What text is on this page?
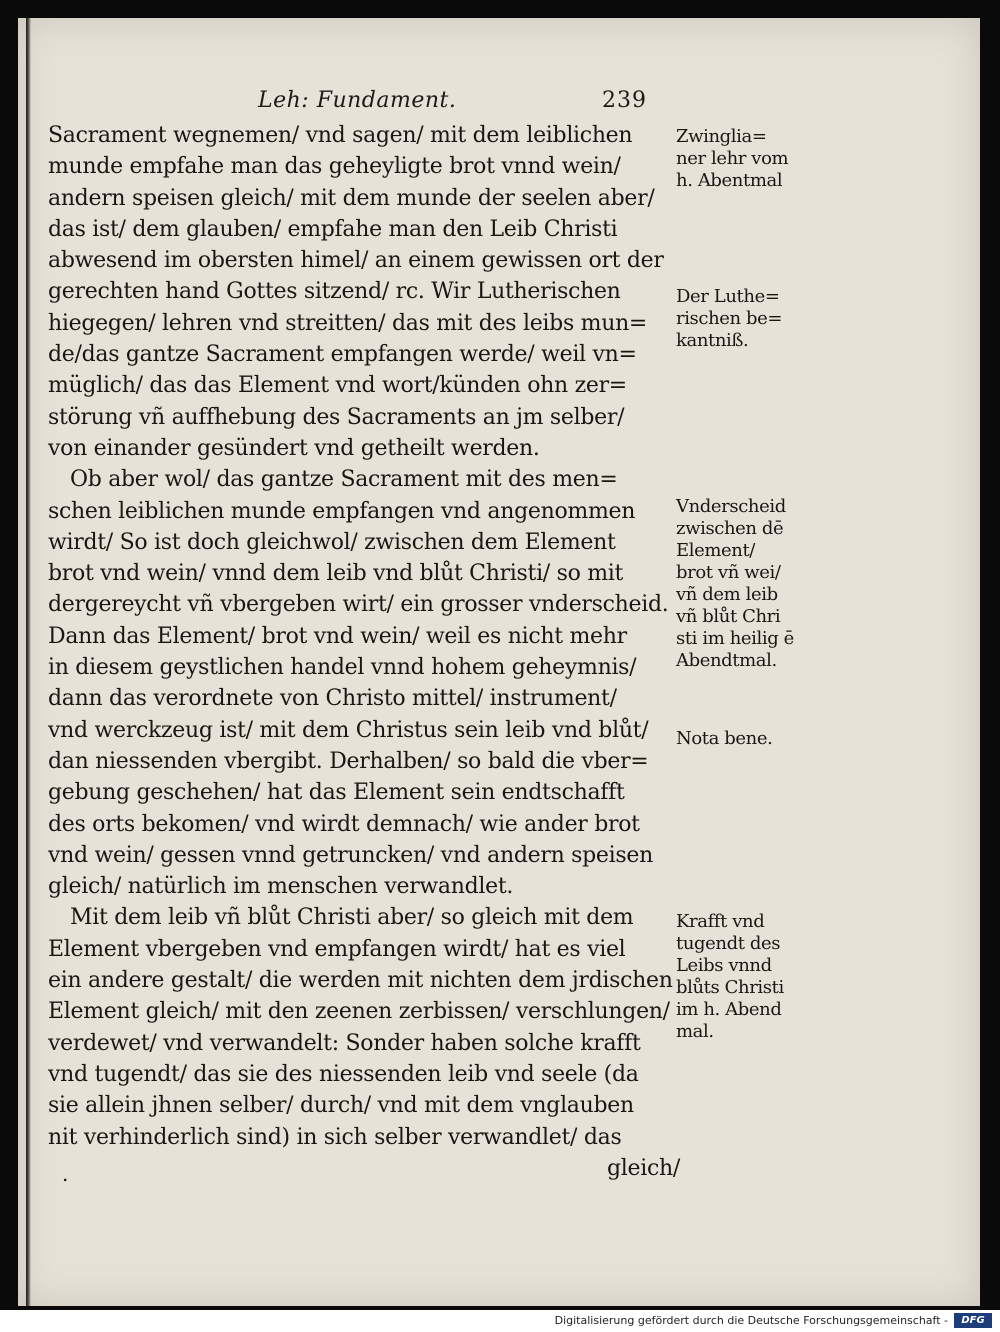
Leh: Fundament.	239
Sacrament wegnemen/ vnd sagen/ mit dem leiblichen
munde empfahe man das geheyligte brot vnnd wein/
andern speisen gleich/ mit dem munde der seelen aber/
das ist/ dem glauben/ empfahe man den Leib Christi
abwesend im obersten himel/ an einem gewissen ort der
gerechten hand Gottes sitzend/ rc. Wir Lutherischen
hiegegen/ lehren vnd streitten/ das mit des leibs mun=
de/das gantze Sacrament empfangen werde/ weil vn=
müglich/ das das Element vnd wort/künden ohn zer=
störung vñ auffhebung des Sacraments an jm selber/
von einander gesündert vnd getheilt werden.
Ob aber wol/ das gantze Sacrament mit des men=
schen leiblichen munde empfangen vnd angenommen
wirdt/ So ist doch gleichwol/ zwischen dem Element
brot vnd wein/ vnnd dem leib vnd blůt Christi/ so mit
dergereycht vñ vbergeben wirt/ ein grosser vnderscheid.
Dann das Element/ brot vnd wein/ weil es nicht mehr
in diesem geystlichen handel vnnd hohem geheymnis/
dann das verordnete von Christo mittel/ instrument/
vnd werckzeug ist/ mit dem Christus sein leib vnd blůt/
dan niessenden vbergibt. Derhalben/ so bald die vber=
gebung geschehen/ hat das Element sein endtschafft
des orts bekomen/ vnd wirdt demnach/ wie ander brot
vnd wein/ gessen vnnd getruncken/ vnd andern speisen
gleich/ natürlich im menschen verwandlet.
Mit dem leib vñ blůt Christi aber/ so gleich mit dem
Element vbergeben vnd empfangen wirdt/ hat es viel
ein andere gestalt/ die werden mit nichten dem jrdischen
Element gleich/ mit den zeenen zerbissen/ verschlungen/
verdewet/ vnd verwandelt: Sonder haben solche krafft
vnd tugendt/ das sie des niessenden leib vnd seele (da
sie allein jhnen selber/ durch/ vnd mit dem vnglauben
nit verhinderlich sind) in sich selber verwandlet/ das
.	gleich/
Zwinglia=
ner lehr vom
h. Abentmal
Der Luthe=
rischen be=
kantniß.
Vnderscheid
zwischen dē
Element/
brot vñ wei/
vñ dem leib
vñ blůt Chri
sti im heilig ē
Abendtmal.
Nota bene.
Krafft vnd
tugendt des
Leibs vnnd
blůts Christi
im h. Abend
mal.
Digitalisierung gefördert durch die Deutsche Forschungsgemeinschaft -	DFG
